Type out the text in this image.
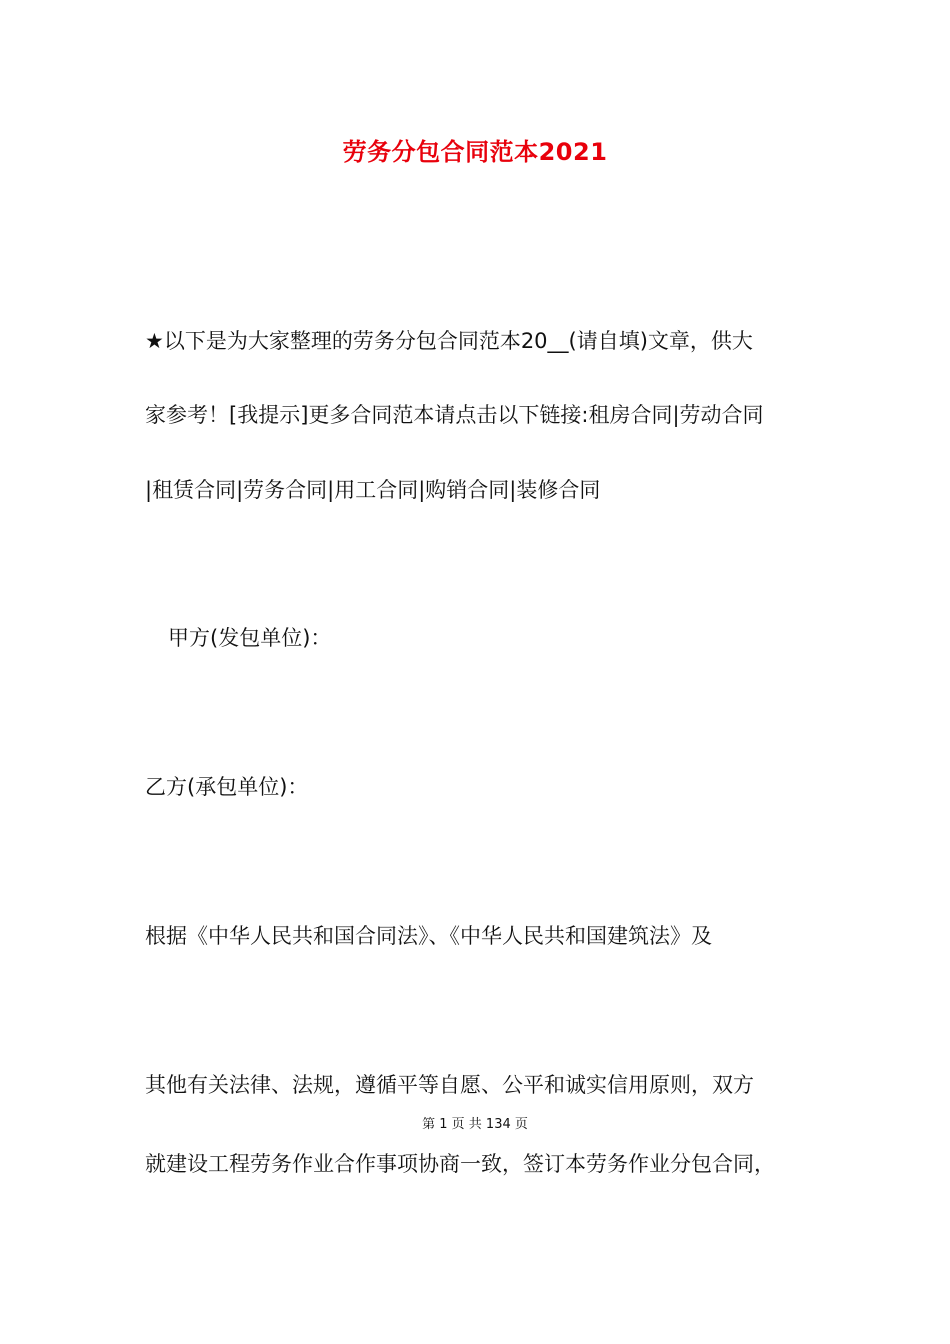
劳务分包合同范本2021
★以下是为大家整理的劳务分包合同范本20__(请自填)文章，供大
家参考！[我提示]更多合同范本请点击以下链接:租房合同|劳动合同
|租赁合同|劳务合同|用工合同|购销合同|装修合同
甲方(发包单位)：
乙方(承包单位)：
根据《中华人民共和国合同法》、《中华人民共和国建筑法》及
其他有关法律、法规，遵循平等自愿、公平和诚实信用原则，双方
第 1 页 共 134 页
就建设工程劳务作业合作事项协商一致，签订本劳务作业分包合同，
